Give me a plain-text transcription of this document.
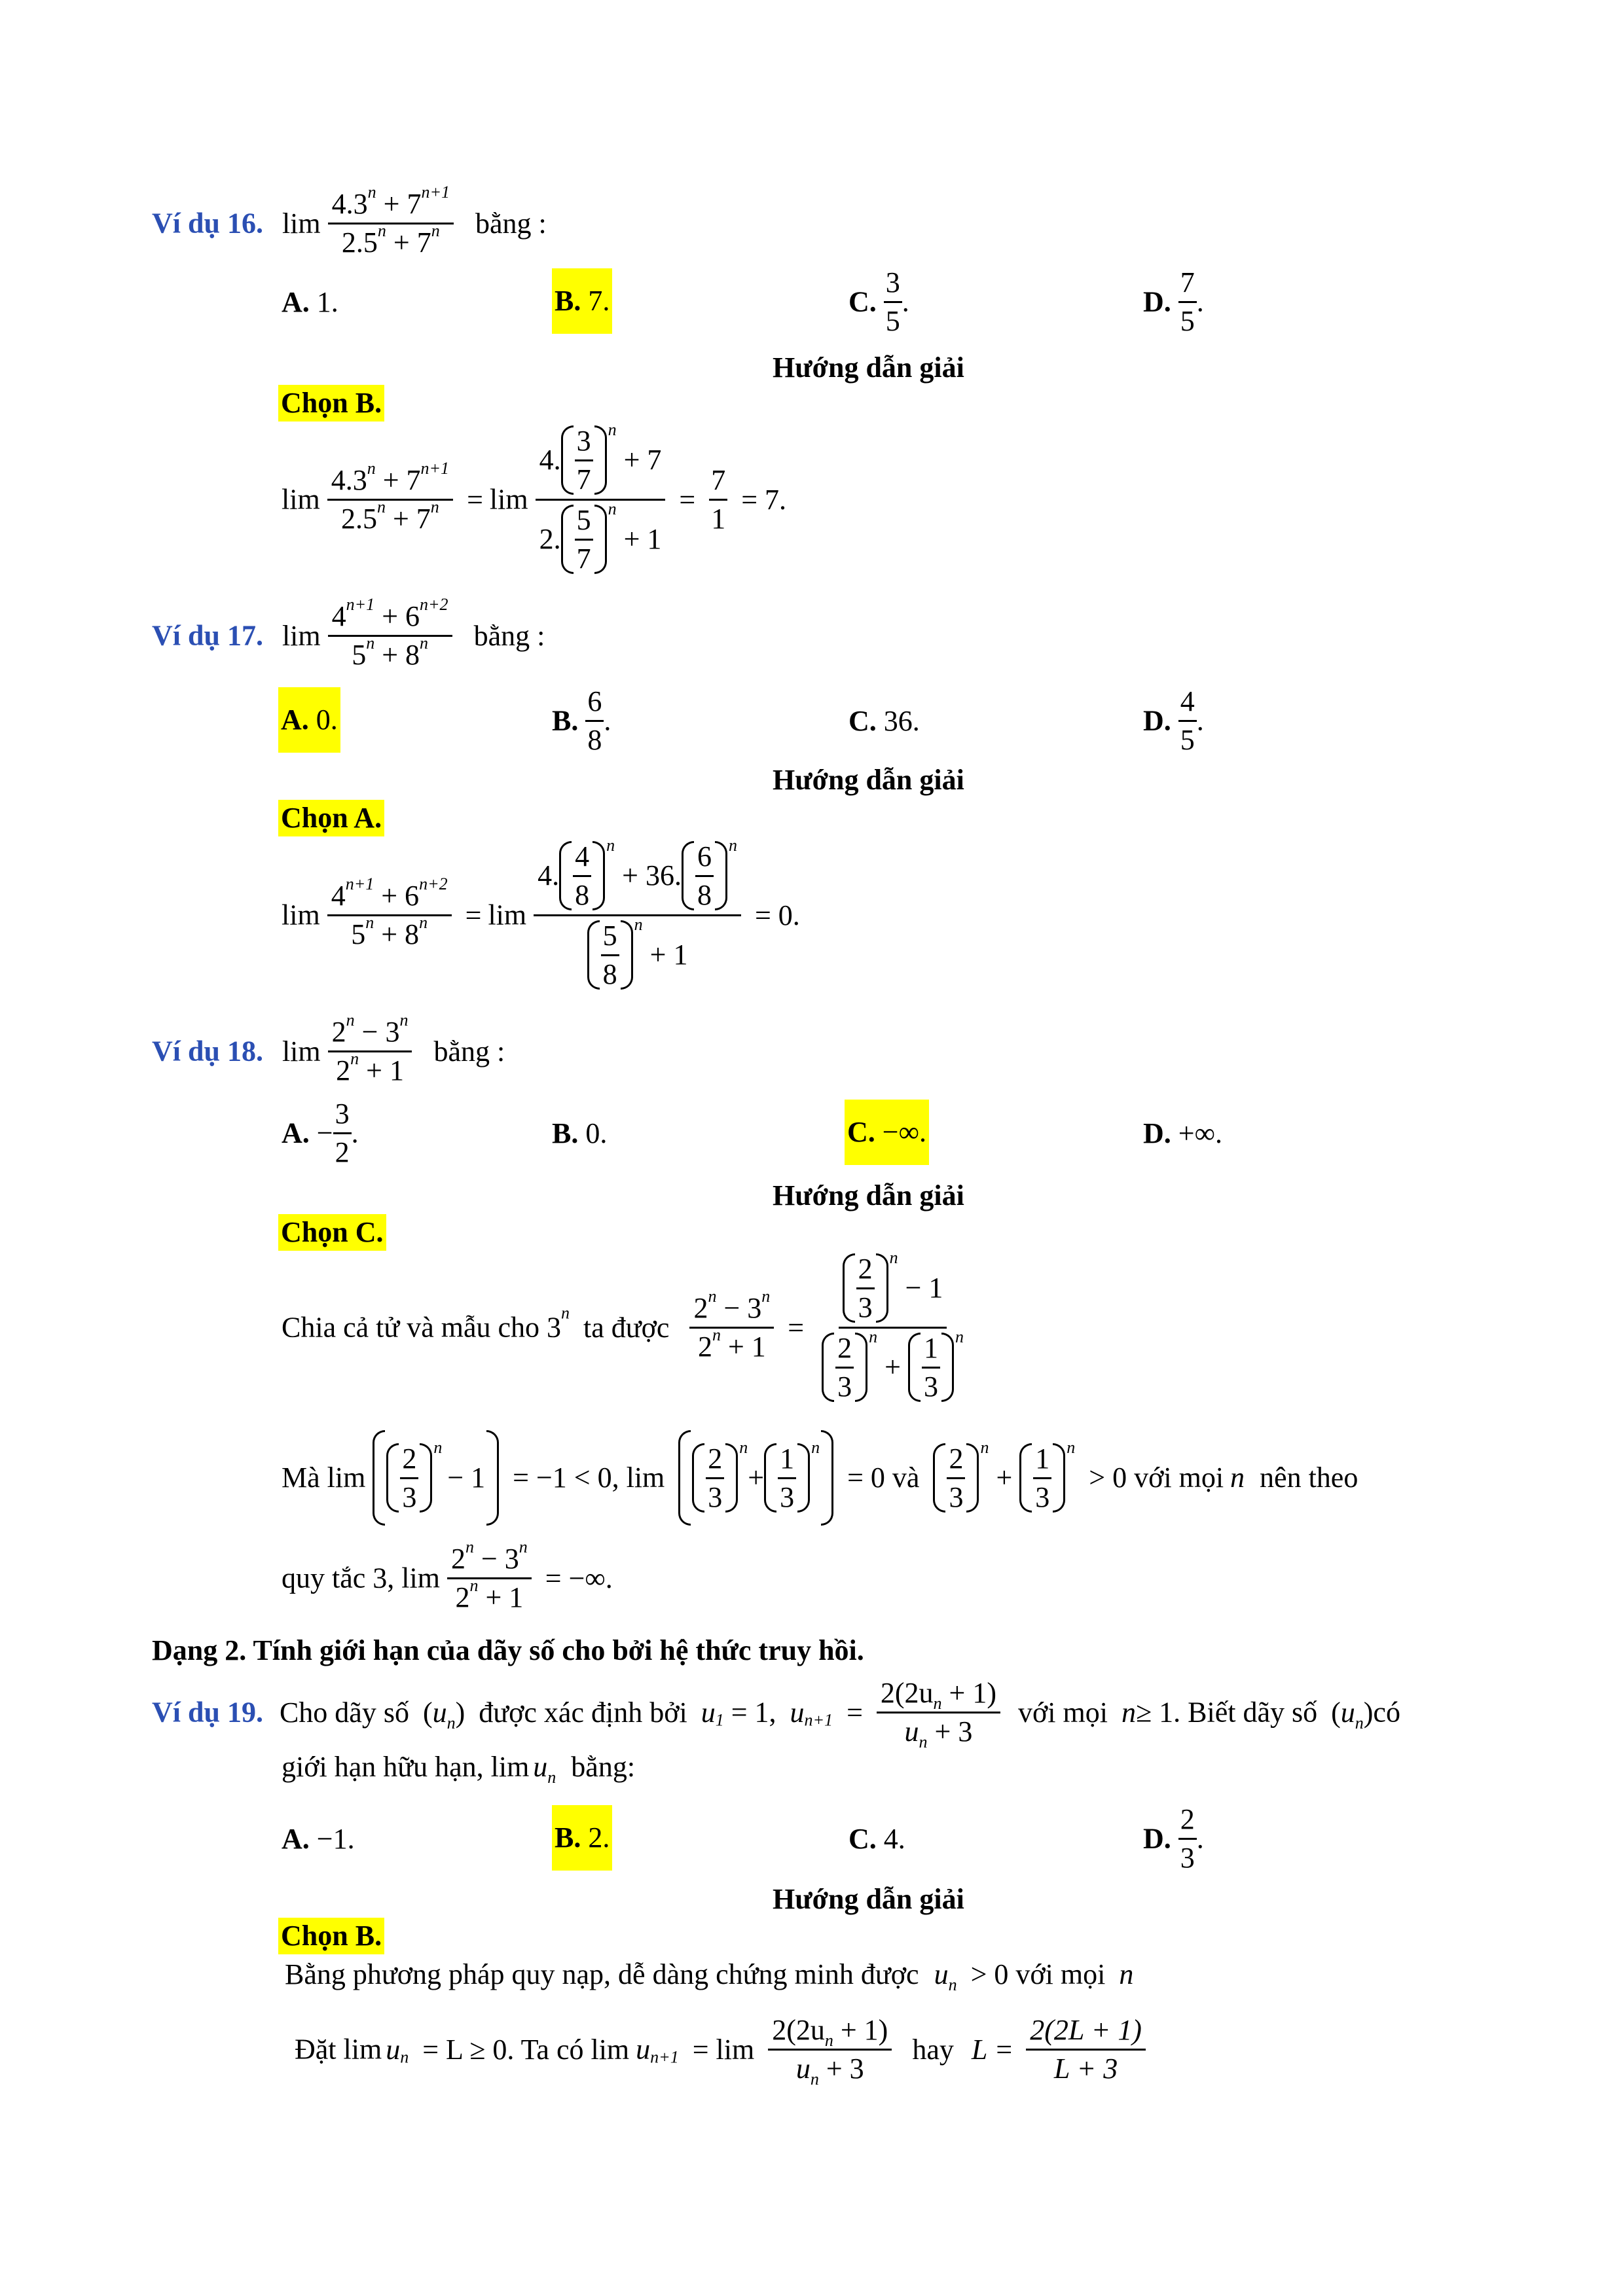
Ví dụ 16. $\lim \frac{4.3^n + 7^{n+1}}{2.5^n + 7^n}$ bằng :
A. 1.	B. 7.	C. $\frac{3}{5}$ .	D. $\frac{7}{5}$ .
Hướng dẫn giải
Chọn B.
$\lim \frac{4.3^n + 7^{n+1}}{2.5^n + 7^n} = \lim 4$. $\frac{3}{7}$ n
+ 7
2. $\frac{5}{7}$ n
+ $1 = \frac{7}{1} = 7$.
Ví dụ 17. $\lim \frac{4^{n+1} + 6^{n+2}}{5^n + 8^n}$ bằng :
A. 0.	B. $\frac{6}{8}$ .	C. 36.	D. $\frac{4}{5}$ .
Hướng dẫn giải
Chọn A.
$\lim \frac{4^{n+1} + 6^{n+2}}{5^n + 8^n} = \lim 4$. $\frac{4}{8}$ n
+ 36. $\frac{6}{8}$ n
$\frac{5}{8}$ n
+ 1 = 0.
Ví dụ 18. $\lim \frac{2^n - 3^n}{2^n + 1}$ bằng :
A. − $\frac{3}{2}$ .	B. 0.	C. −∞.	D. +∞.
Hướng dẫn giải
Chọn C.
Chia cả tử và mẫu cho 3$^n$ ta được $\frac{2^n - 3^n}{2^n + 1} = \frac{2}{3}$ n
− 1
$\frac{2}{3}$ n
+ $\frac{1}{3}$ n
Mà $\lim \frac{2}{3}$ n
− 1 = −1 < 0, $\lim \frac{2}{3}$ n
+ $\frac{1}{3}$ n
= 0 và $\frac{2}{3}$ n
+ $\frac{1}{3}$ n
> 0 với mọi n nên theo
quy tắc 3, $\lim \frac{2^n - 3^n}{2^n + 1}$ = −∞.
Dạng 2. Tính giới hạn của dãy số cho bởi hệ thức truy hồi.
Ví dụ 19. Cho dãy số $(u_n)$ được xác định bởi $u_1 = 1$, $u_{n+1} = \frac{2(2u_n + 1)}{u_n + 3}$ với mọi n≥ 1. Biết dãy số $(u_n)có$
giới hạn hữu hạn, $\lim u_n$ bằng:
A. −1.	B. 2.	C. 4.	D. $\frac{2}{3}$ .
Hướng dẫn giải
Chọn B.
Bằng phương pháp quy nạp, dễ dàng chứng minh được $u_n > 0$ với mọi n
Đặt $\lim u_n = L \ge 0$. Ta có $\lim u_{n+1} = \lim \frac{2(2u_n + 1)}{u_n + 3}$ hay $L = \frac{2(2L + 1)}{L + 3}$
